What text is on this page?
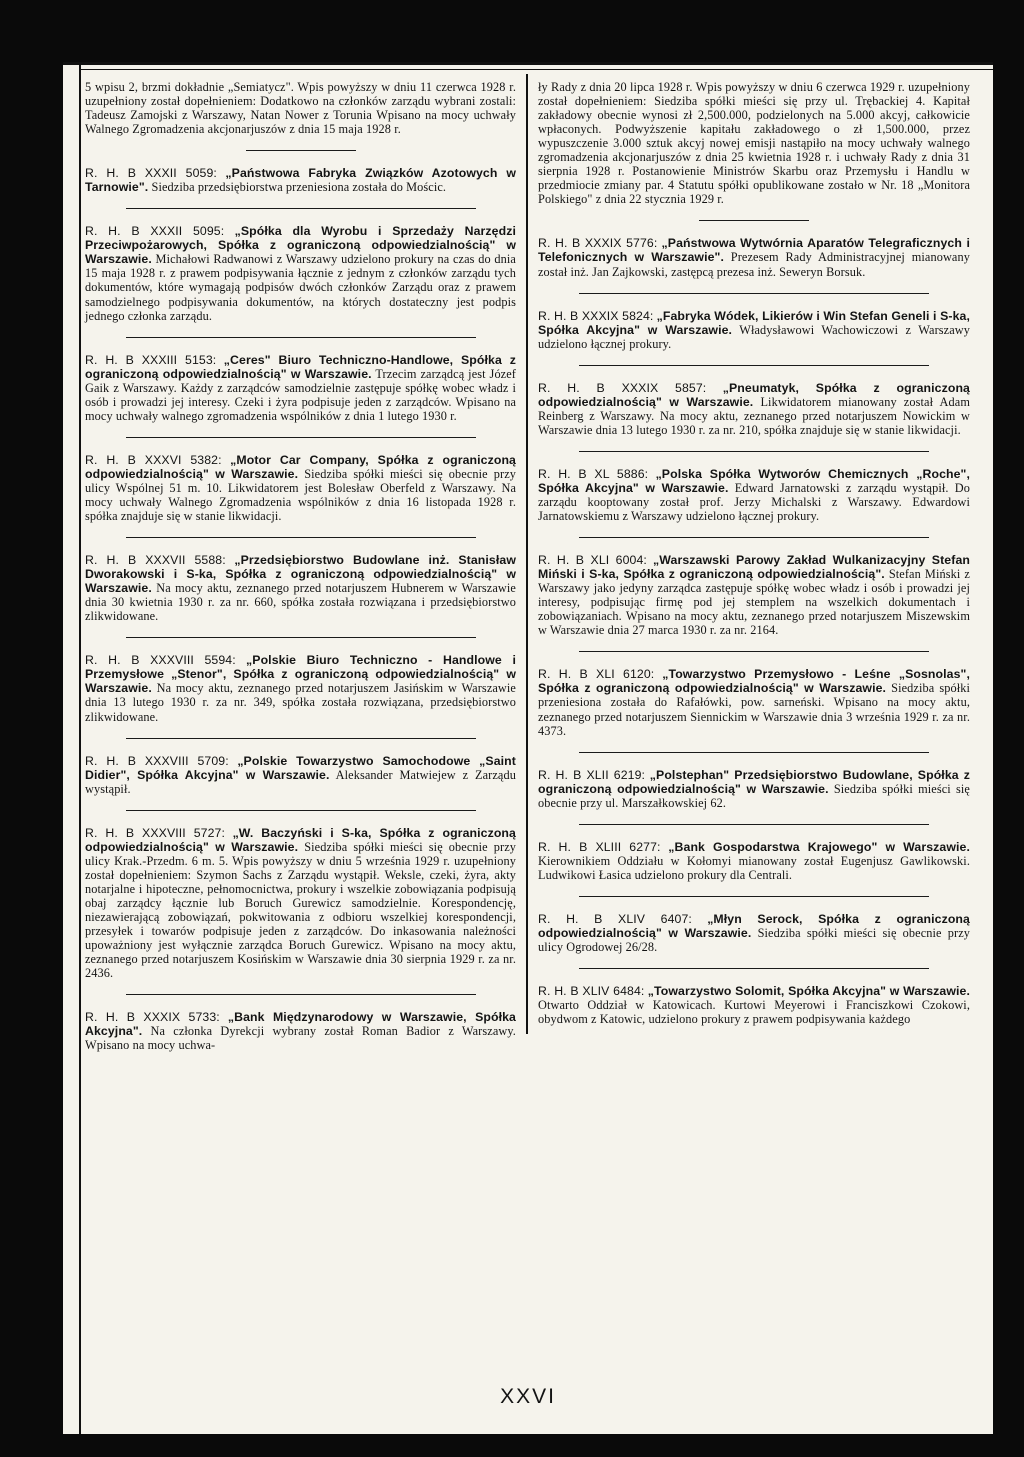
5 wpisu 2, brzmi dokładnie „Semiatycz". Wpis powyższy w dniu 11 czerwca 1928 r. uzupełniony został dopełnieniem: Dodatkowo na członków zarządu wybrani zostali: Tadeusz Zamojski z Warszawy, Natan Nower z Torunia Wpisano na mocy uchwały Walnego Zgromadzenia akcjonarjuszów z dnia 15 maja 1928 r.

R. H. B XXXII 5059: „Państwowa Fabryka Związków Azotowych w Tarnowie". Siedziba przedsiębiorstwa przeniesiona została do Mościc.

R. H. B XXXII 5095: „Spółka dla Wyrobu i Sprzedaży Narzędzi Przeciwpożarowych, Spółka z ograniczoną odpowiedzialnością" w Warszawie. Michałowi Radwanowi z Warszawy udzielono prokury na czas do dnia 15 maja 1928 r. z prawem podpisywania łącznie z jednym z członków zarządu tych dokumentów, które wymagają podpisów dwóch członków Zarządu oraz z prawem samodzielnego podpisywania dokumentów, na których dostateczny jest podpis jednego członka zarządu.

R. H. B XXXIII 5153: „Ceres" Biuro Techniczno-Handlowe, Spółka z ograniczoną odpowiedzialnością" w Warszawie. Trzecim zarządcą jest Józef Gaik z Warszawy. Każdy z zarządców samodzielnie zastępuje spółkę wobec władz i osób i prowadzi jej interesy. Czeki i żyra podpisuje jeden z zarządców. Wpisano na mocy uchwały walnego zgromadzenia wspólników z dnia 1 lutego 1930 r.

R. H. B XXXVI 5382: „Motor Car Company, Spółka z ograniczoną odpowiedzialnością" w Warszawie. Siedziba spółki mieści się obecnie przy ulicy Wspólnej 51 m. 10. Likwidatorem jest Bolesław Oberfeld z Warszawy. Na mocy uchwały Walnego Zgromadzenia wspólników z dnia 16 listopada 1928 r. spółka znajduje się w stanie likwidacji.

R. H. B XXXVII 5588: „Przedsiębiorstwo Budowlane inż. Stanisław Dworakowski i S-ka, Spółka z ograniczoną odpowiedzialnością" w Warszawie. Na mocy aktu, zeznanego przed notarjuszem Hubnerem w Warszawie dnia 30 kwietnia 1930 r. za nr. 660, spółka została rozwiązana i przedsiębiorstwo zlikwidowane.

R. H. B XXXVIII 5594: „Polskie Biuro Techniczno - Handlowe i Przemysłowe „Stenor", Spółka z ograniczoną odpowiedzialnością" w Warszawie. Na mocy aktu, zeznanego przed notarjuszem Jasińskim w Warszawie dnia 13 lutego 1930 r. za nr. 349, spółka została rozwiązana, przedsiębiorstwo zlikwidowane.

R. H. B XXXVIII 5709: „Polskie Towarzystwo Samochodowe „Saint Didier", Spółka Akcyjna" w Warszawie. Aleksander Matwiejew z Zarządu wystąpił.

R. H. B XXXVIII 5727: „W. Baczyński i S-ka, Spółka z ograniczoną odpowiedzialnością" w Warszawie. Siedziba spółki mieści się obecnie przy ulicy Krak.-Przedm. 6 m. 5. Wpis powyższy w dniu 5 września 1929 r. uzupełniony został dopełnieniem: Szymon Sachs z Zarządu wystąpił. Weksle, czeki, żyra, akty notarjalne i hipoteczne, pełnomocnictwa, prokury i wszelkie zobowiązania podpisują obaj zarządcy łącznie lub Boruch Gurewicz samodzielnie. Korespondencję, niezawierającą zobowiązań, pokwitowania z odbioru wszelkiej korespondencji, przesyłek i towarów podpisuje jeden z zarządców. Do inkasowania należności upoważniony jest wyłącznie zarządca Boruch Gurewicz. Wpisano na mocy aktu, zeznanego przed notarjuszem Kosińskim w Warszawie dnia 30 sierpnia 1929 r. za nr. 2436.

R. H. B XXXIX 5733: „Bank Międzynarodowy w Warszawie, Spółka Akcyjna". Na członka Dyrekcji wybrany został Roman Badior z Warszawy. Wpisano na mocy uchwa-

ły Rady z dnia 20 lipca 1928 r. Wpis powyższy w dniu 6 czerwca 1929 r. uzupełniony został dopełnieniem: Siedziba spółki mieści się przy ul. Trębackiej 4. Kapitał zakładowy obecnie wynosi zł 2,500.000, podzielonych na 5.000 akcyj, całkowicie wpłaconych. Podwyższenie kapitału zakładowego o zł 1,500.000, przez wypuszczenie 3.000 sztuk akcyj nowej emisji nastąpiło na mocy uchwały walnego zgromadzenia akcjonarjuszów z dnia 25 kwietnia 1928 r. i uchwały Rady z dnia 31 sierpnia 1928 r. Postanowienie Ministrów Skarbu oraz Przemysłu i Handlu w przedmiocie zmiany par. 4 Statutu spółki opublikowane zostało w Nr. 18 „Monitora Polskiego" z dnia 22 stycznia 1929 r.

R. H. B XXXIX 5776: „Państwowa Wytwórnia Aparatów Telegraficznych i Telefonicznych w Warszawie". Prezesem Rady Administracyjnej mianowany został inż. Jan Zajkowski, zastępcą prezesa inż. Seweryn Borsuk.

R. H. B XXXIX 5824: „Fabryka Wódek, Likierów i Win Stefan Geneli i S-ka, Spółka Akcyjna" w Warszawie. Władysławowi Wachowiczowi z Warszawy udzielono łącznej prokury.

R. H. B XXXIX 5857: „Pneumatyk, Spółka z ograniczoną odpowiedzialnością" w Warszawie. Likwidatorem mianowany został Adam Reinberg z Warszawy. Na mocy aktu, zeznanego przed notarjuszem Nowickim w Warszawie dnia 13 lutego 1930 r. za nr. 210, spółka znajduje się w stanie likwidacji.

R. H. B XL 5886: „Polska Spółka Wytworów Chemicznych „Roche", Spółka Akcyjna" w Warszawie. Edward Jarnatowski z zarządu wystąpił. Do zarządu kooptowany został prof. Jerzy Michalski z Warszawy. Edwardowi Jarnatowskiemu z Warszawy udzielono łącznej prokury.

R. H. B XLI 6004: „Warszawski Parowy Zakład Wulkanizacyjny Stefan Miński i S-ka, Spółka z ograniczoną odpowiedzialnością". Stefan Miński z Warszawy jako jedyny zarządca zastępuje spółkę wobec władz i osób i prowadzi jej interesy, podpisując firmę pod jej stemplem na wszelkich dokumentach i zobowiązaniach. Wpisano na mocy aktu, zeznanego przed notarjuszem Miszewskim w Warszawie dnia 27 marca 1930 r. za nr. 2164.

R. H. B XLI 6120: „Towarzystwo Przemysłowo - Leśne „Sosnolas", Spółka z ograniczoną odpowiedzialnością" w Warszawie. Siedziba spółki przeniesiona została do Rafałówki, pow. sarneński. Wpisano na mocy aktu, zeznanego przed notarjuszem Siennickim w Warszawie dnia 3 września 1929 r. za nr. 4373.

R. H. B XLII 6219: „Polstephan" Przedsiębiorstwo Budowlane, Spółka z ograniczoną odpowiedzialnością" w Warszawie. Siedziba spółki mieści się obecnie przy ul. Marszałkowskiej 62.

R. H. B XLIII 6277: „Bank Gospodarstwa Krajowego" w Warszawie. Kierownikiem Oddziału w Kołomyi mianowany został Eugenjusz Gawlikowski. Ludwikowi Łasica udzielono prokury dla Centrali.

R. H. B XLIV 6407: „Młyn Serock, Spółka z ograniczoną odpowiedzialnością" w Warszawie. Siedziba spółki mieści się obecnie przy ulicy Ogrodowej 26/28.

R. H. B XLIV 6484: „Towarzystwo Solomit, Spółka Akcyjna" w Warszawie. Otwarto Oddział w Katowicach. Kurtowi Meyerowi i Franciszkowi Czokowi, obydwom z Katowic, udzielono prokury z prawem podpisywania każdego

XXVI
